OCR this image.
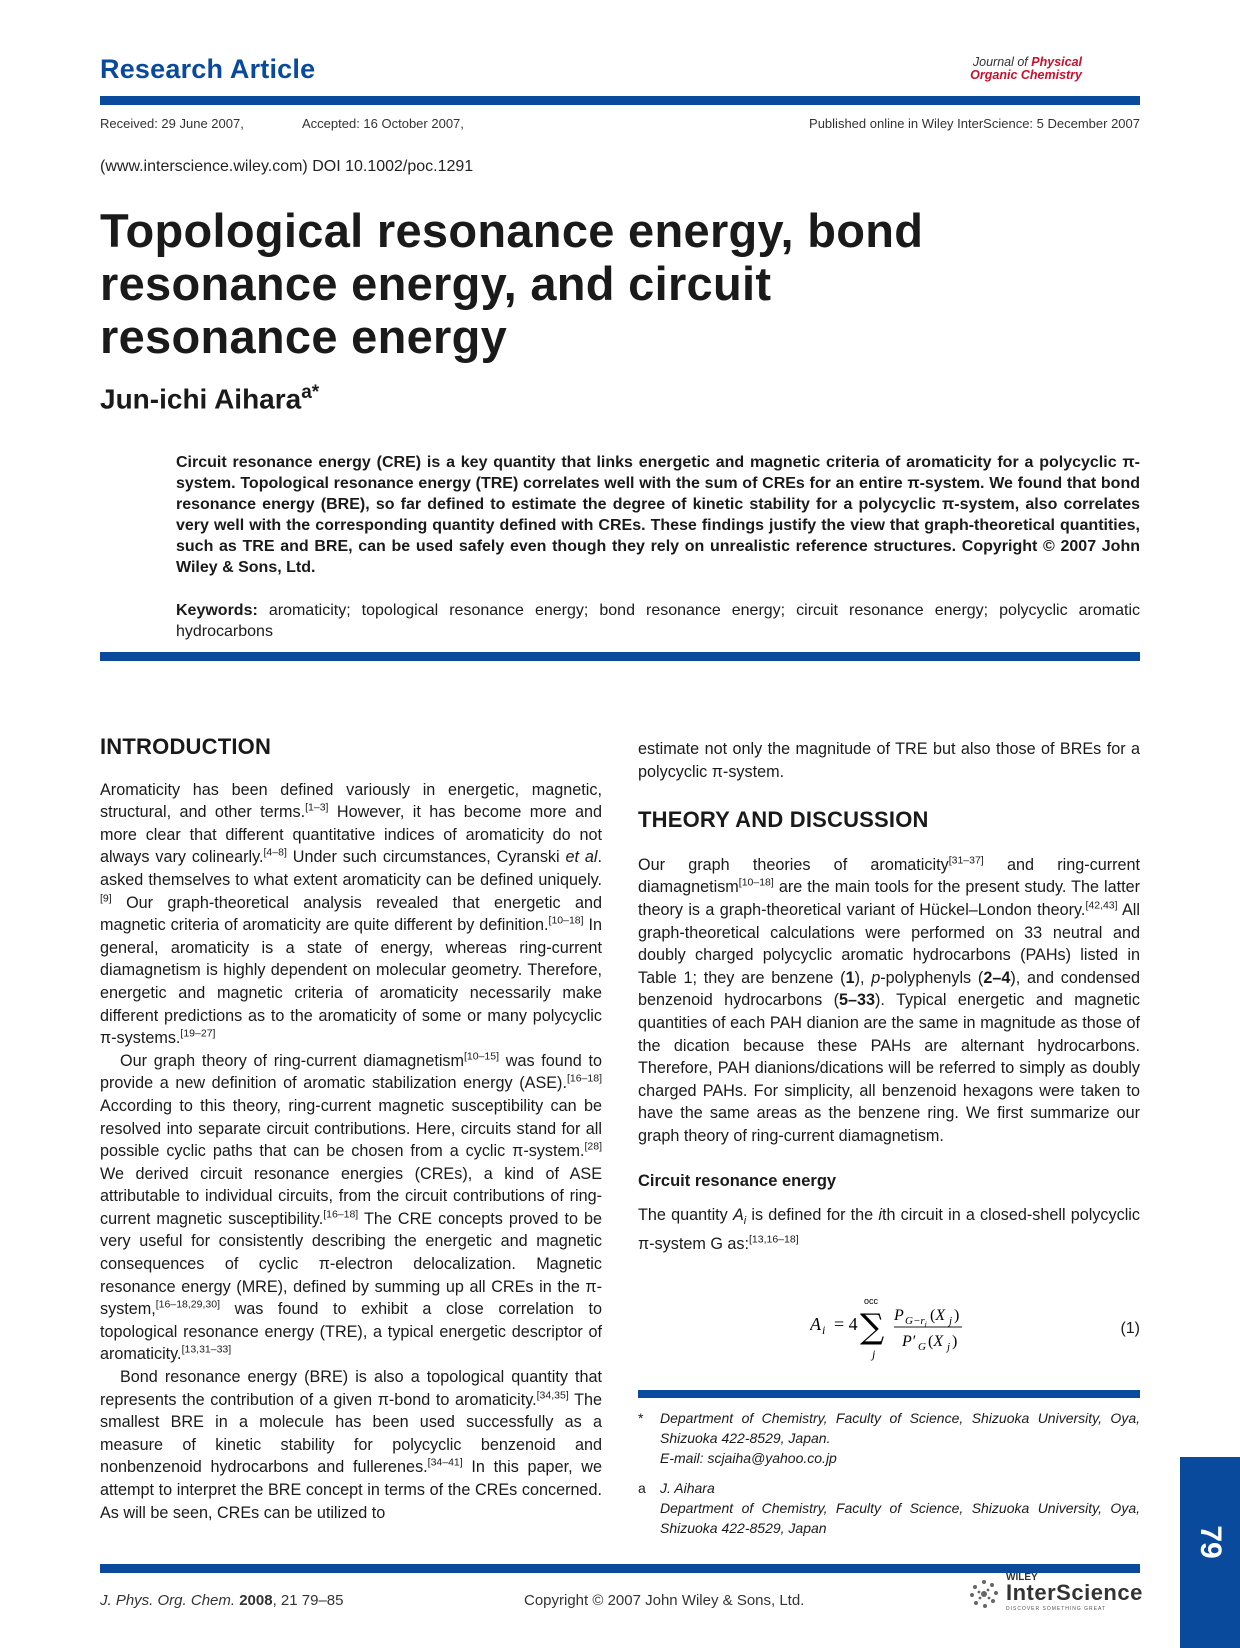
Research Article	Journal of Physical
Organic Chemistry
Received: 29 June 2007,	Accepted: 16 October 2007,	Published online in Wiley InterScience: 5 December 2007
(www.interscience.wiley.com) DOI 10.1002/poc.1291
Topological resonance energy, bond resonance energy, and circuit resonance energy
Jun-ichi Aihara$^{a*}$
Circuit resonance energy (CRE) is a key quantity that links energetic and magnetic criteria of aromaticity for a polycyclic π-system. Topological resonance energy (TRE) correlates well with the sum of CREs for an entire π-system. We found that bond resonance energy (BRE), so far defined to estimate the degree of kinetic stability for a polycyclic π-system, also correlates very well with the corresponding quantity defined with CREs. These findings justify the view that graph-theoretical quantities, such as TRE and BRE, can be used safely even though they rely on unrealistic reference structures. Copyright © 2007 John Wiley & Sons, Ltd.
Keywords: aromaticity; topological resonance energy; bond resonance energy; circuit resonance energy; polycyclic aromatic hydrocarbons
INTRODUCTION

Aromaticity has been defined variously in energetic, magnetic, structural, and other terms.[1–3] However, it has become more and more clear that different quantitative indices of aromaticity do not always vary colinearly.[4–8] Under such circumstances, Cyranski et al. asked themselves to what extent aromaticity can be defined uniquely.[9] Our graph-theoretical analysis revealed that energetic and magnetic criteria of aromaticity are quite different by definition.[10–18] In general, aromaticity is a state of energy, whereas ring-current diamagnetism is highly dependent on molecular geometry. Therefore, energetic and magnetic criteria of aromaticity necessarily make different predictions as to the aromaticity of some or many polycyclic π-systems.[19–27]

Our graph theory of ring-current diamagnetism[10–15] was found to provide a new definition of aromatic stabilization energy (ASE).[16–18] According to this theory, ring-current magnetic susceptibility can be resolved into separate circuit contributions. Here, circuits stand for all possible cyclic paths that can be chosen from a cyclic π-system.[28] We derived circuit resonance energies (CREs), a kind of ASE attributable to individual circuits, from the circuit contributions of ring-current magnetic susceptibility.[16–18] The CRE concepts proved to be very useful for consistently describing the energetic and magnetic consequences of cyclic π-electron delocalization. Magnetic resonance energy (MRE), defined by summing up all CREs in the π-system,[16–18,29,30] was found to exhibit a close correlation to topological resonance energy (TRE), a typical energetic descriptor of aromaticity.[13,31–33]

Bond resonance energy (BRE) is also a topological quantity that represents the contribution of a given π-bond to aromaticity.[34,35] The smallest BRE in a molecule has been used successfully as a measure of kinetic stability for polycyclic benzenoid and nonbenzenoid hydrocarbons and fullerenes.[34–41] In this paper, we attempt to interpret the BRE concept in terms of the CREs concerned. As will be seen, CREs can be utilized to

estimate not only the magnitude of TRE but also those of BREs for a polycyclic π-system.

THEORY AND DISCUSSION

Our graph theories of aromaticity[31–37] and ring-current diamagnetism[10–18] are the main tools for the present study. The latter theory is a graph-theoretical variant of Hückel–London theory.[42,43] All graph-theoretical calculations were performed on 33 neutral and doubly charged polycyclic aromatic hydrocarbons (PAHs) listed in Table 1; they are benzene (1), p-polyphenyls (2–4), and condensed benzenoid hydrocarbons (5–33). Typical energetic and magnetic quantities of each PAH dianion are the same in magnitude as those of the dication because these PAHs are alternant hydrocarbons. Therefore, PAH dianions/dications will be referred to simply as doubly charged PAHs. For simplicity, all benzenoid hexagons were taken to have the same areas as the benzene ring. We first summarize our graph theory of ring-current diamagnetism.

Circuit resonance energy

The quantity $A_i$ is defined for the ith circuit in a closed-shell polycyclic π-system G as:[13,16–18]

A i = 4
occ
∑
j
P $G-r_i$
(X j )
P′ G (X j )
(1)
* Department of Chemistry, Faculty of Science, Shizuoka University, Oya, Shizuoka 422-8529, Japan.
E-mail: scjaiha@yahoo.co.jp
a J. Aihara
Department of Chemistry, Faculty of Science, Shizuoka University, Oya, Shizuoka 422-8529, Japan
J. Phys. Org. Chem. 2008, 21 79–85	Copyright © 2007 John Wiley & Sons, Ltd.
WILEY
InterScience
DISCOVER SOMETHING GREAT
79
